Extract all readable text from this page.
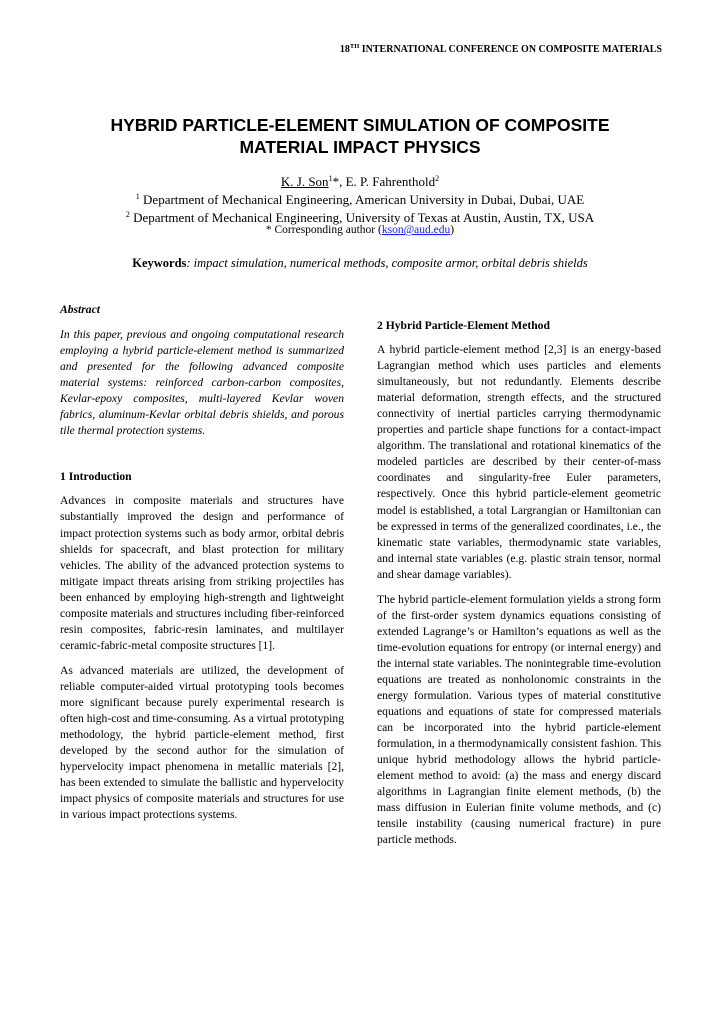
18TH INTERNATIONAL CONFERENCE ON COMPOSITE MATERIALS
HYBRID PARTICLE-ELEMENT SIMULATION OF COMPOSITE
MATERIAL IMPACT PHYSICS
K. J. Son$^1$*, E. P. Fahrenthold$^2$
$^1$ Department of Mechanical Engineering, American University in Dubai, Dubai, UAE
$^2$ Department of Mechanical Engineering, University of Texas at Austin, Austin, TX, USA
* Corresponding author (kson@aud.edu)
Keywords: impact simulation, numerical methods, composite armor, orbital debris shields
Abstract

In this paper, previous and ongoing computational research employing a hybrid particle-element method is summarized and presented for the following advanced composite material systems: reinforced carbon-carbon composites, Kevlar-epoxy composites, multi-layered Kevlar woven fabrics, aluminum-Kevlar orbital debris shields, and porous tile thermal protection systems.

1 Introduction

Advances in composite materials and structures have substantially improved the design and performance of impact protection systems such as body armor, orbital debris shields for spacecraft, and blast protection for military vehicles. The ability of the advanced protection systems to mitigate impact threats arising from striking projectiles has been enhanced by employing high-strength and lightweight composite materials and structures including fiber-reinforced resin composites, fabric-resin laminates, and multilayer ceramic-fabric-metal composite structures [1].

As advanced materials are utilized, the development of reliable computer-aided virtual prototyping tools becomes more significant because purely experimental research is often high-cost and time-consuming. As a virtual prototyping methodology, the hybrid particle-element method, first developed by the second author for the simulation of hypervelocity impact phenomena in metallic materials [2], has been extended to simulate the ballistic and hypervelocity impact physics of composite materials and structures for use in various impact protections systems.

2 Hybrid Particle-Element Method

A hybrid particle-element method [2,3] is an energy-based Lagrangian method which uses particles and elements simultaneously, but not redundantly. Elements describe material deformation, strength effects, and the structured connectivity of inertial particles carrying thermodynamic properties and particle shape functions for a contact-impact algorithm. The translational and rotational kinematics of the modeled particles are described by their center-of-mass coordinates and singularity-free Euler parameters, respectively. Once this hybrid particle-element geometric model is established, a total Largrangian or Hamiltonian can be expressed in terms of the generalized coordinates, i.e., the kinematic state variables, thermodynamic state variables, and internal state variables (e.g. plastic strain tensor, normal and shear damage variables).

The hybrid particle-element formulation yields a strong form of the first-order system dynamics equations consisting of extended Lagrange’s or Hamilton’s equations as well as the time-evolution equations for entropy (or internal energy) and the internal state variables. The nonintegrable time-evolution equations are treated as nonholonomic constraints in the energy formulation. Various types of material constitutive equations and equations of state for compressed materials can be incorporated into the hybrid particle-element formulation, in a thermodynamically consistent fashion. This unique hybrid methodology allows the hybrid particle-element method to avoid: (a) the mass and energy discard algorithms in Lagrangian finite element methods, (b) the mass diffusion in Eulerian finite volume methods, and (c) tensile instability (causing numerical fracture) in pure particle methods.
